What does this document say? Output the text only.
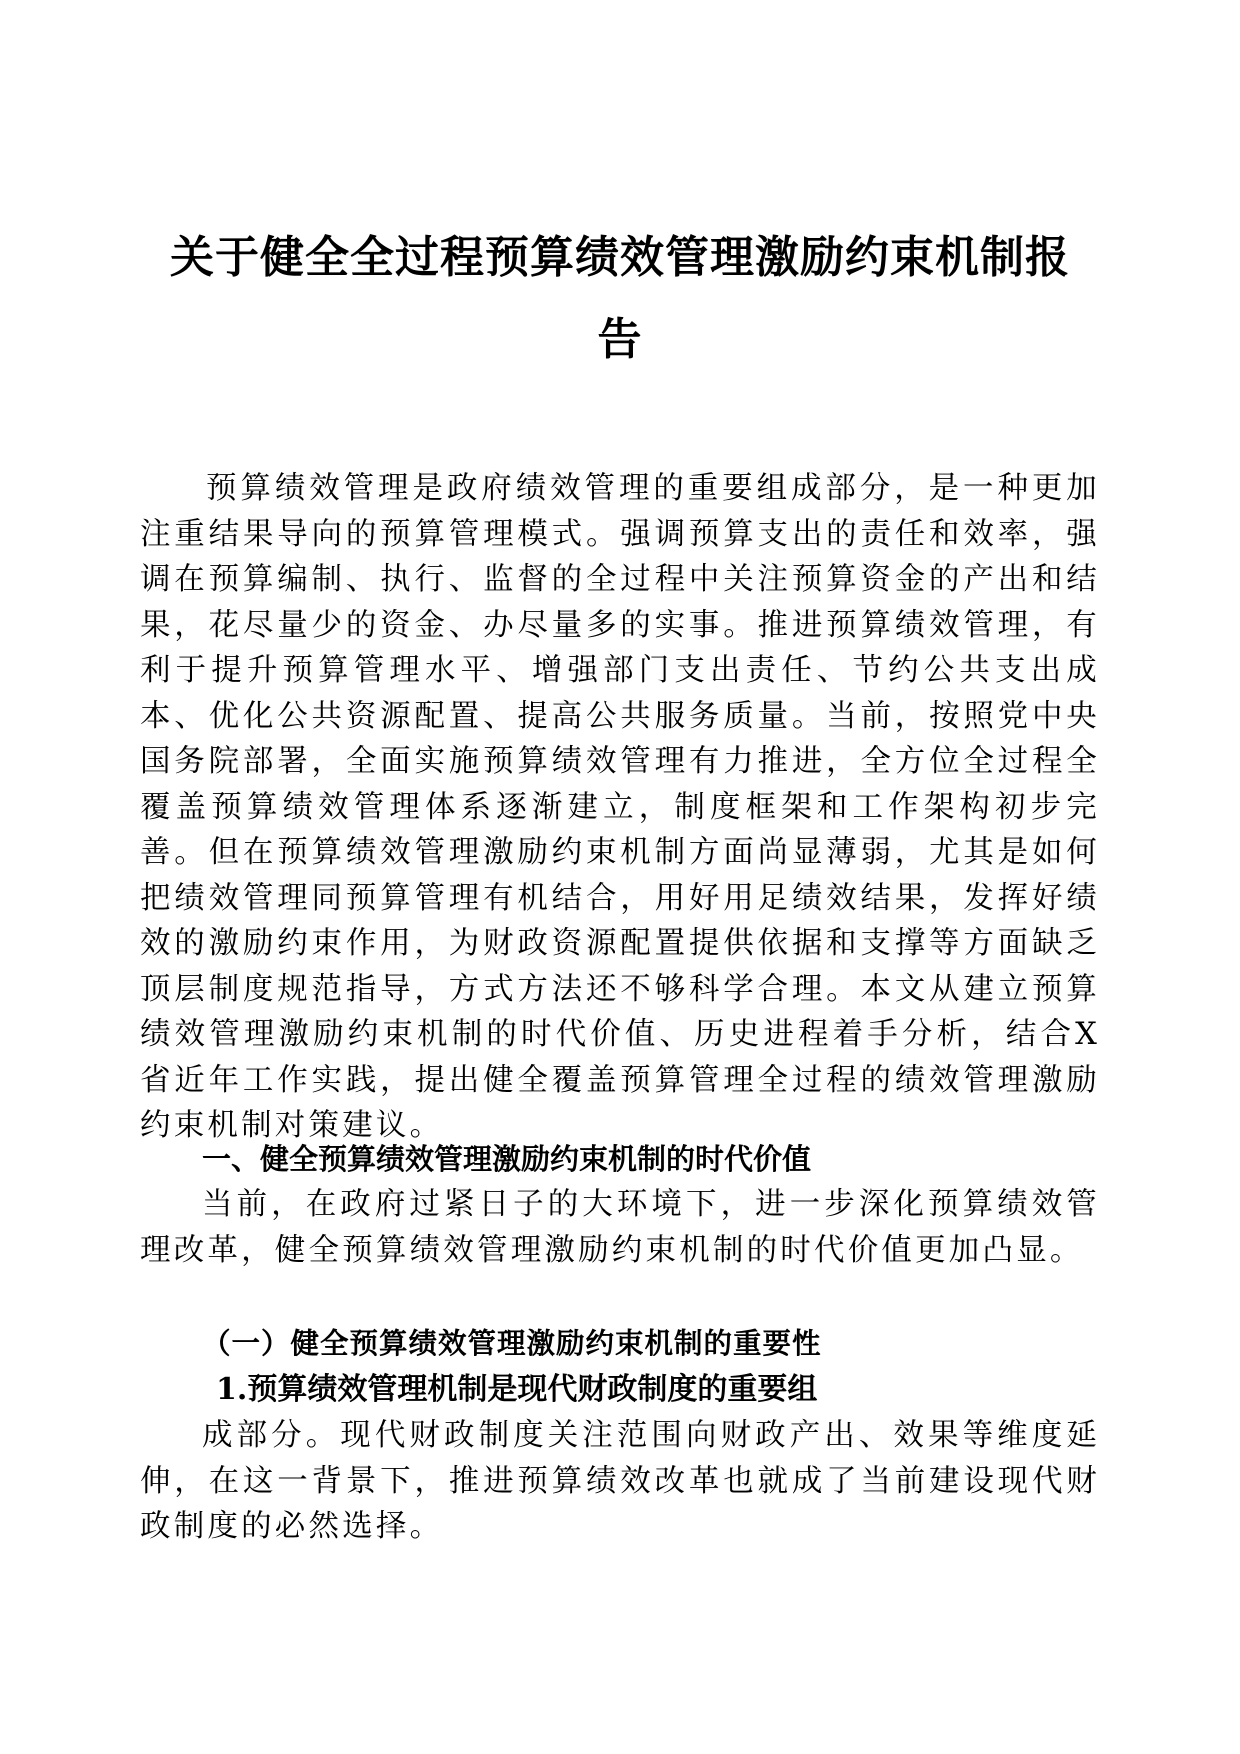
关于健全全过程预算绩效管理激励约束机制报
告

预算绩效管理是政府绩效管理的重要组成部分，是一种更加注重结果导向的预算管理模式。强调预算支出的责任和效率，强调在预算编制、执行、监督的全过程中关注预算资金的产出和结果，花尽量少的资金、办尽量多的实事。推进预算绩效管理，有利于提升预算管理水平、增强部门支出责任、节约公共支出成本、优化公共资源配置、提高公共服务质量。当前，按照党中央国务院部署，全面实施预算绩效管理有力推进，全方位全过程全覆盖预算绩效管理体系逐渐建立，制度框架和工作架构初步完善。但在预算绩效管理激励约束机制方面尚显薄弱，尤其是如何把绩效管理同预算管理有机结合，用好用足绩效结果，发挥好绩效的激励约束作用，为财政资源配置提供依据和支撑等方面缺乏顶层制度规范指导，方式方法还不够科学合理。本文从建立预算绩效管理激励约束机制的时代价值、历史进程着手分析，结合X省近年工作实践，提出健全覆盖预算管理全过程的绩效管理激励约束机制对策建议。

一、健全预算绩效管理激励约束机制的时代价值

当前，在政府过紧日子的大环境下，进一步深化预算绩效管理改革，健全预算绩效管理激励约束机制的时代价值更加凸显。

（一）健全预算绩效管理激励约束机制的重要性
1.预算绩效管理机制是现代财政制度的重要组

成部分。现代财政制度关注范围向财政产出、效果等维度延伸，在这一背景下，推进预算绩效改革也就成了当前建设现代财政制度的必然选择。
